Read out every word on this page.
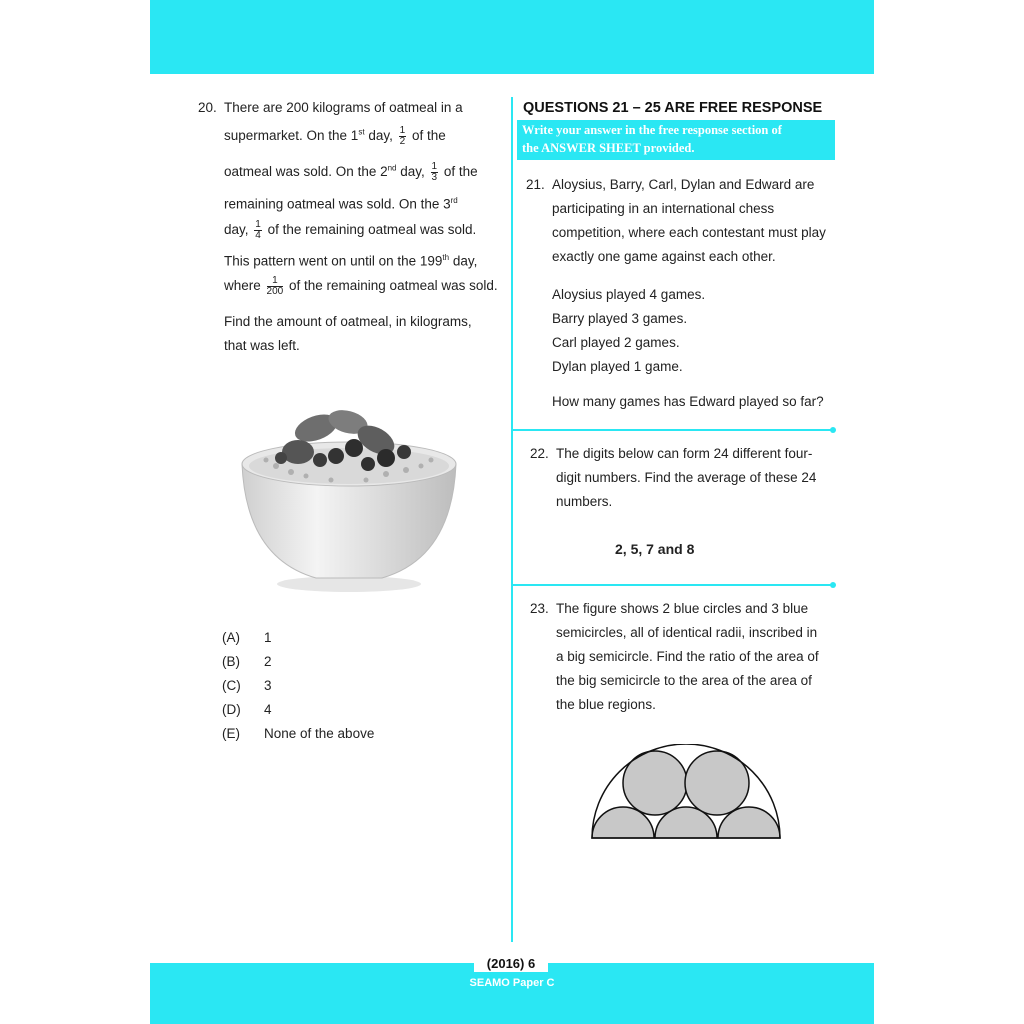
20. There are 200 kilograms of oatmeal in a
supermarket. On the 1st day, $\frac{1}{2}$ of the
oatmeal was sold. On the 2nd day, $\frac{1}{3}$ of the
remaining oatmeal was sold. On the 3rd
day, $\frac{1}{4}$ of the remaining oatmeal was sold.
This pattern went on until on the 199th day,
where $\frac{1}{200}$ of the remaining oatmeal was sold.
Find the amount of oatmeal, in kilograms,
that was left.
(A) 1
(B) 2
(C) 3
(D) 4
(E) None of the above
QUESTIONS 21 – 25 ARE FREE RESPONSE
Write your answer in the free response section of
the ANSWER SHEET provided.
21. Aloysius, Barry, Carl, Dylan and Edward are
participating in an international chess
competition, where each contestant must play
exactly one game against each other.
Aloysius played 4 games.
Barry played 3 games.
Carl played 2 games.
Dylan played 1 game.
How many games has Edward played so far?
22. The digits below can form 24 different four-
digit numbers. Find the average of these 24
numbers.
2, 5, 7 and 8
23. The figure shows 2 blue circles and 3 blue
semicircles, all of identical radii, inscribed in
a big semicircle. Find the ratio of the area of
the big semicircle to the area of the area of
the blue regions.
(2016) 6
SEAMO Paper C
